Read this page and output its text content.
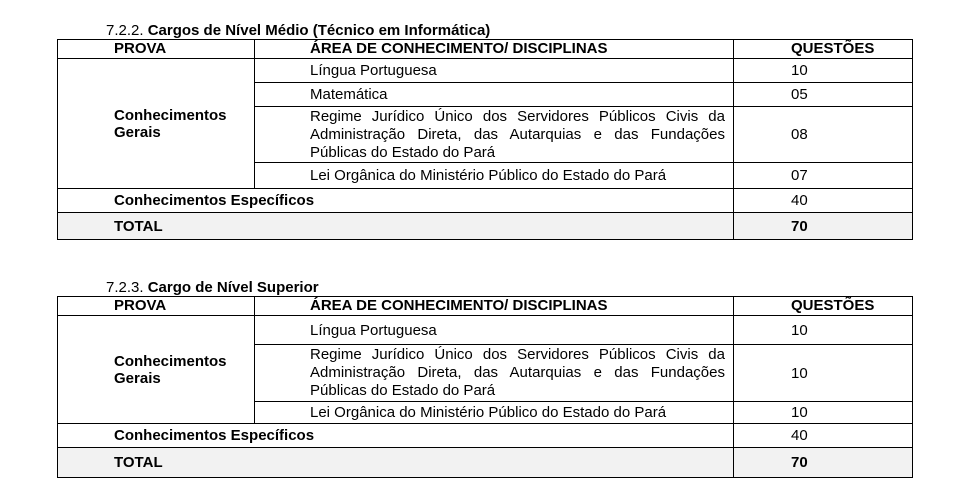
7.2.2. Cargos de Nível Médio (Técnico em Informática)
PROVA	ÁREA DE CONHECIMENTO/ DISCIPLINAS	QUESTÕES
Conhecimentos Gerais	Língua Portuguesa	10
	Matemática	05
	Regime Jurídico Único dos Servidores Públicos Civis da Administração Direta, das Autarquias e das Fundações Públicas do Estado do Pará	08
	Lei Orgânica do Ministério Público do Estado do Pará	07
Conhecimentos Específicos		40
TOTAL		70
7.2.3. Cargo de Nível Superior
PROVA	ÁREA DE CONHECIMENTO/ DISCIPLINAS	QUESTÕES
Conhecimentos Gerais	Língua Portuguesa	10
	Regime Jurídico Único dos Servidores Públicos Civis da Administração Direta, das Autarquias e das Fundações Públicas do Estado do Pará	10
	Lei Orgânica do Ministério Público do Estado do Pará	10
Conhecimentos Específicos		40
TOTAL		70
